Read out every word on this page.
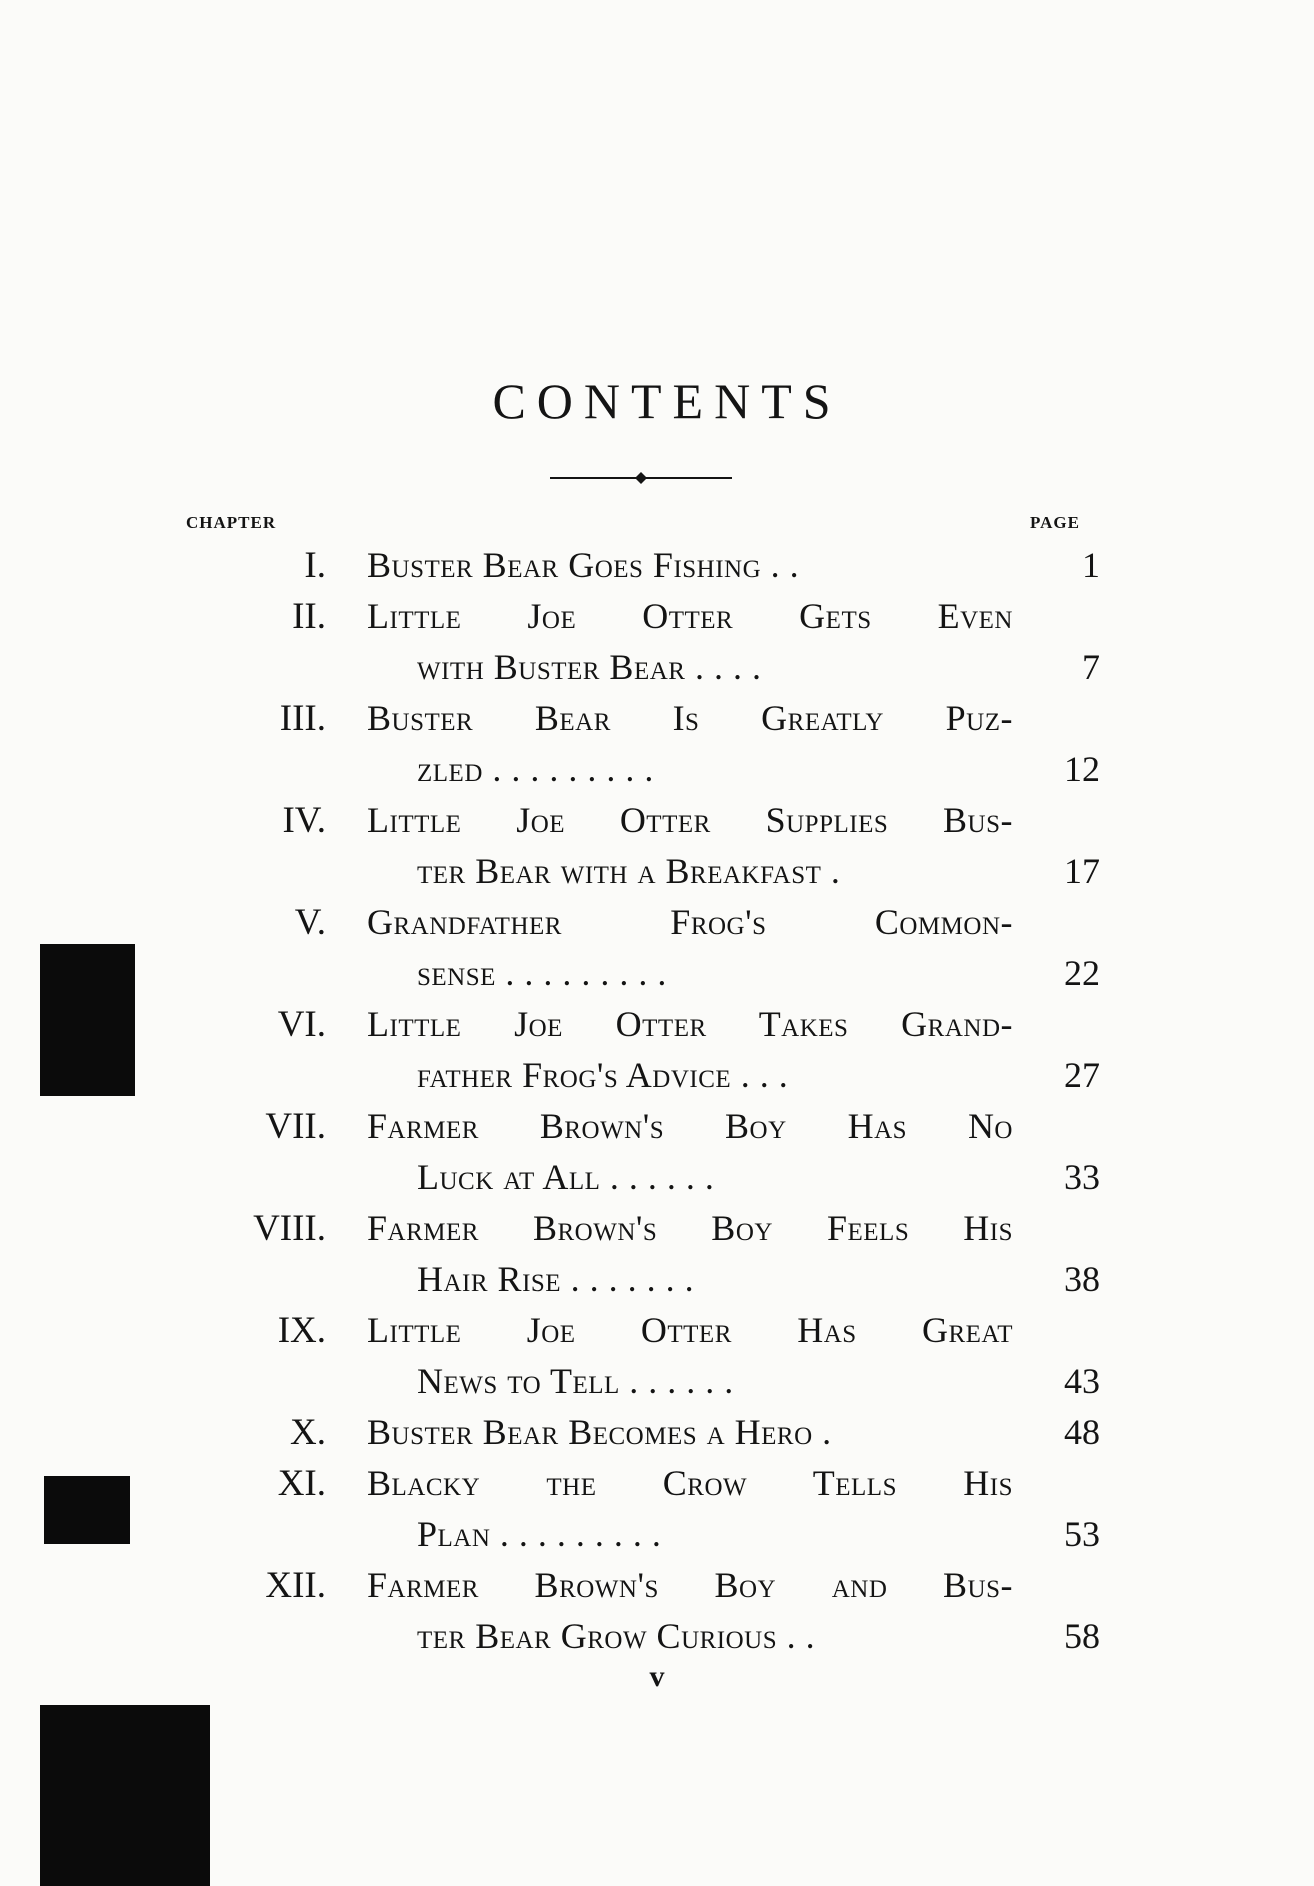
CONTENTS
CHAPTER	PAGE
I. Buster Bear Goes Fishing . .	1
II. Little Joe Otter Gets Even
with Buster Bear . . . .	7
III. Buster Bear Is Greatly Puz-
zled . . . . . . . . .	12
IV. Little Joe Otter Supplies Bus-
ter Bear with a Breakfast .	17
V. Grandfather Frog's Common-
sense . . . . . . . . .	22
VI. Little Joe Otter Takes Grand-
father Frog's Advice . . .	27
VII. Farmer Brown's Boy Has No
Luck at All . . . . . .	33
VIII. Farmer Brown's Boy Feels His
Hair Rise . . . . . . .	38
IX. Little Joe Otter Has Great
News to Tell . . . . . .	43
X. Buster Bear Becomes a Hero .	48
XI. Blacky the Crow Tells His
Plan . . . . . . . . .	53
XII. Farmer Brown's Boy and Bus-
ter Bear Grow Curious . .	58
v
